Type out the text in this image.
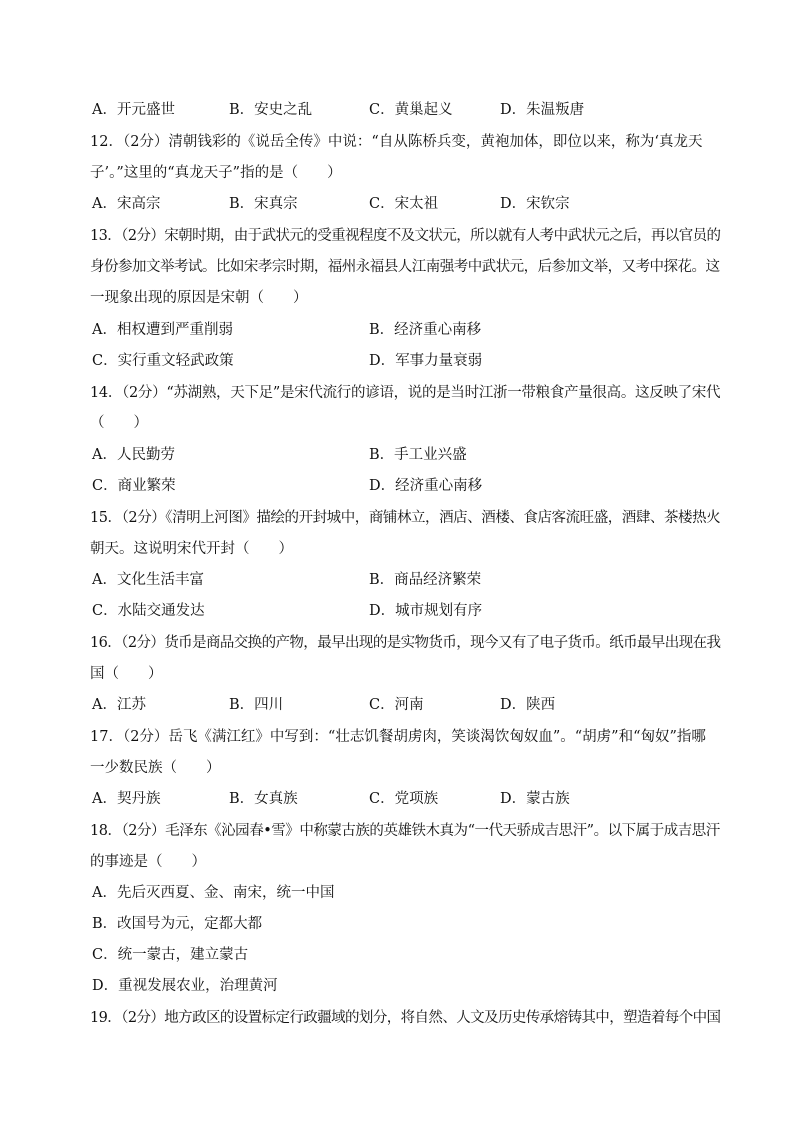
A．开元盛世	B．安史之乱	C．黄巢起义	D．朱温叛唐
12．（2分）清朝钱彩的《说岳全传》中说：“自从陈桥兵变，黄袍加体，即位以来，称为‘真龙天
子’。”这里的“真龙天子”指的是（　　）
A．宋高宗	B．宋真宗	C．宋太祖	D．宋钦宗
13．（2分）宋朝时期，由于武状元的受重视程度不及文状元，所以就有人考中武状元之后，再以官员的
身份参加文举考试。比如宋孝宗时期，福州永福县人江南强考中武状元，后参加文举，又考中探花。这
一现象出现的原因是宋朝（　　）
A．相权遭到严重削弱	B．经济重心南移
C．实行重文轻武政策	D．军事力量衰弱
14．（2分）“苏湖熟，天下足”是宋代流行的谚语，说的是当时江浙一带粮食产量很高。这反映了宋代
（　　）
A．人民勤劳	B．手工业兴盛
C．商业繁荣	D．经济重心南移
15．（2分）《清明上河图》描绘的开封城中，商铺林立，酒店、酒楼、食店客流旺盛，酒肆、茶楼热火
朝天。这说明宋代开封（　　）
A．文化生活丰富	B．商品经济繁荣
C．水陆交通发达	D．城市规划有序
16．（2分）货币是商品交换的产物，最早出现的是实物货币，现今又有了电子货币。纸币最早出现在我
国（　　）
A．江苏	B．四川	C．河南	D．陕西
17．（2分）岳飞《满江红》中写到：“壮志饥餐胡虏肉，笑谈渴饮匈奴血”。“胡虏”和“匈奴”指哪
一少数民族（　　）
A．契丹族	B．女真族	C．党项族	D．蒙古族
18．（2分）毛泽东《沁园春•雪》中称蒙古族的英雄铁木真为“一代天骄成吉思汗”。以下属于成吉思汗
的事迹是（　　）
A．先后灭西夏、金、南宋，统一中国
B．改国号为元，定都大都
C．统一蒙古，建立蒙古
D．重视发展农业，治理黄河
19．（2分）地方政区的设置标定行政疆域的划分，将自然、人文及历史传承熔铸其中，塑造着每个中国
